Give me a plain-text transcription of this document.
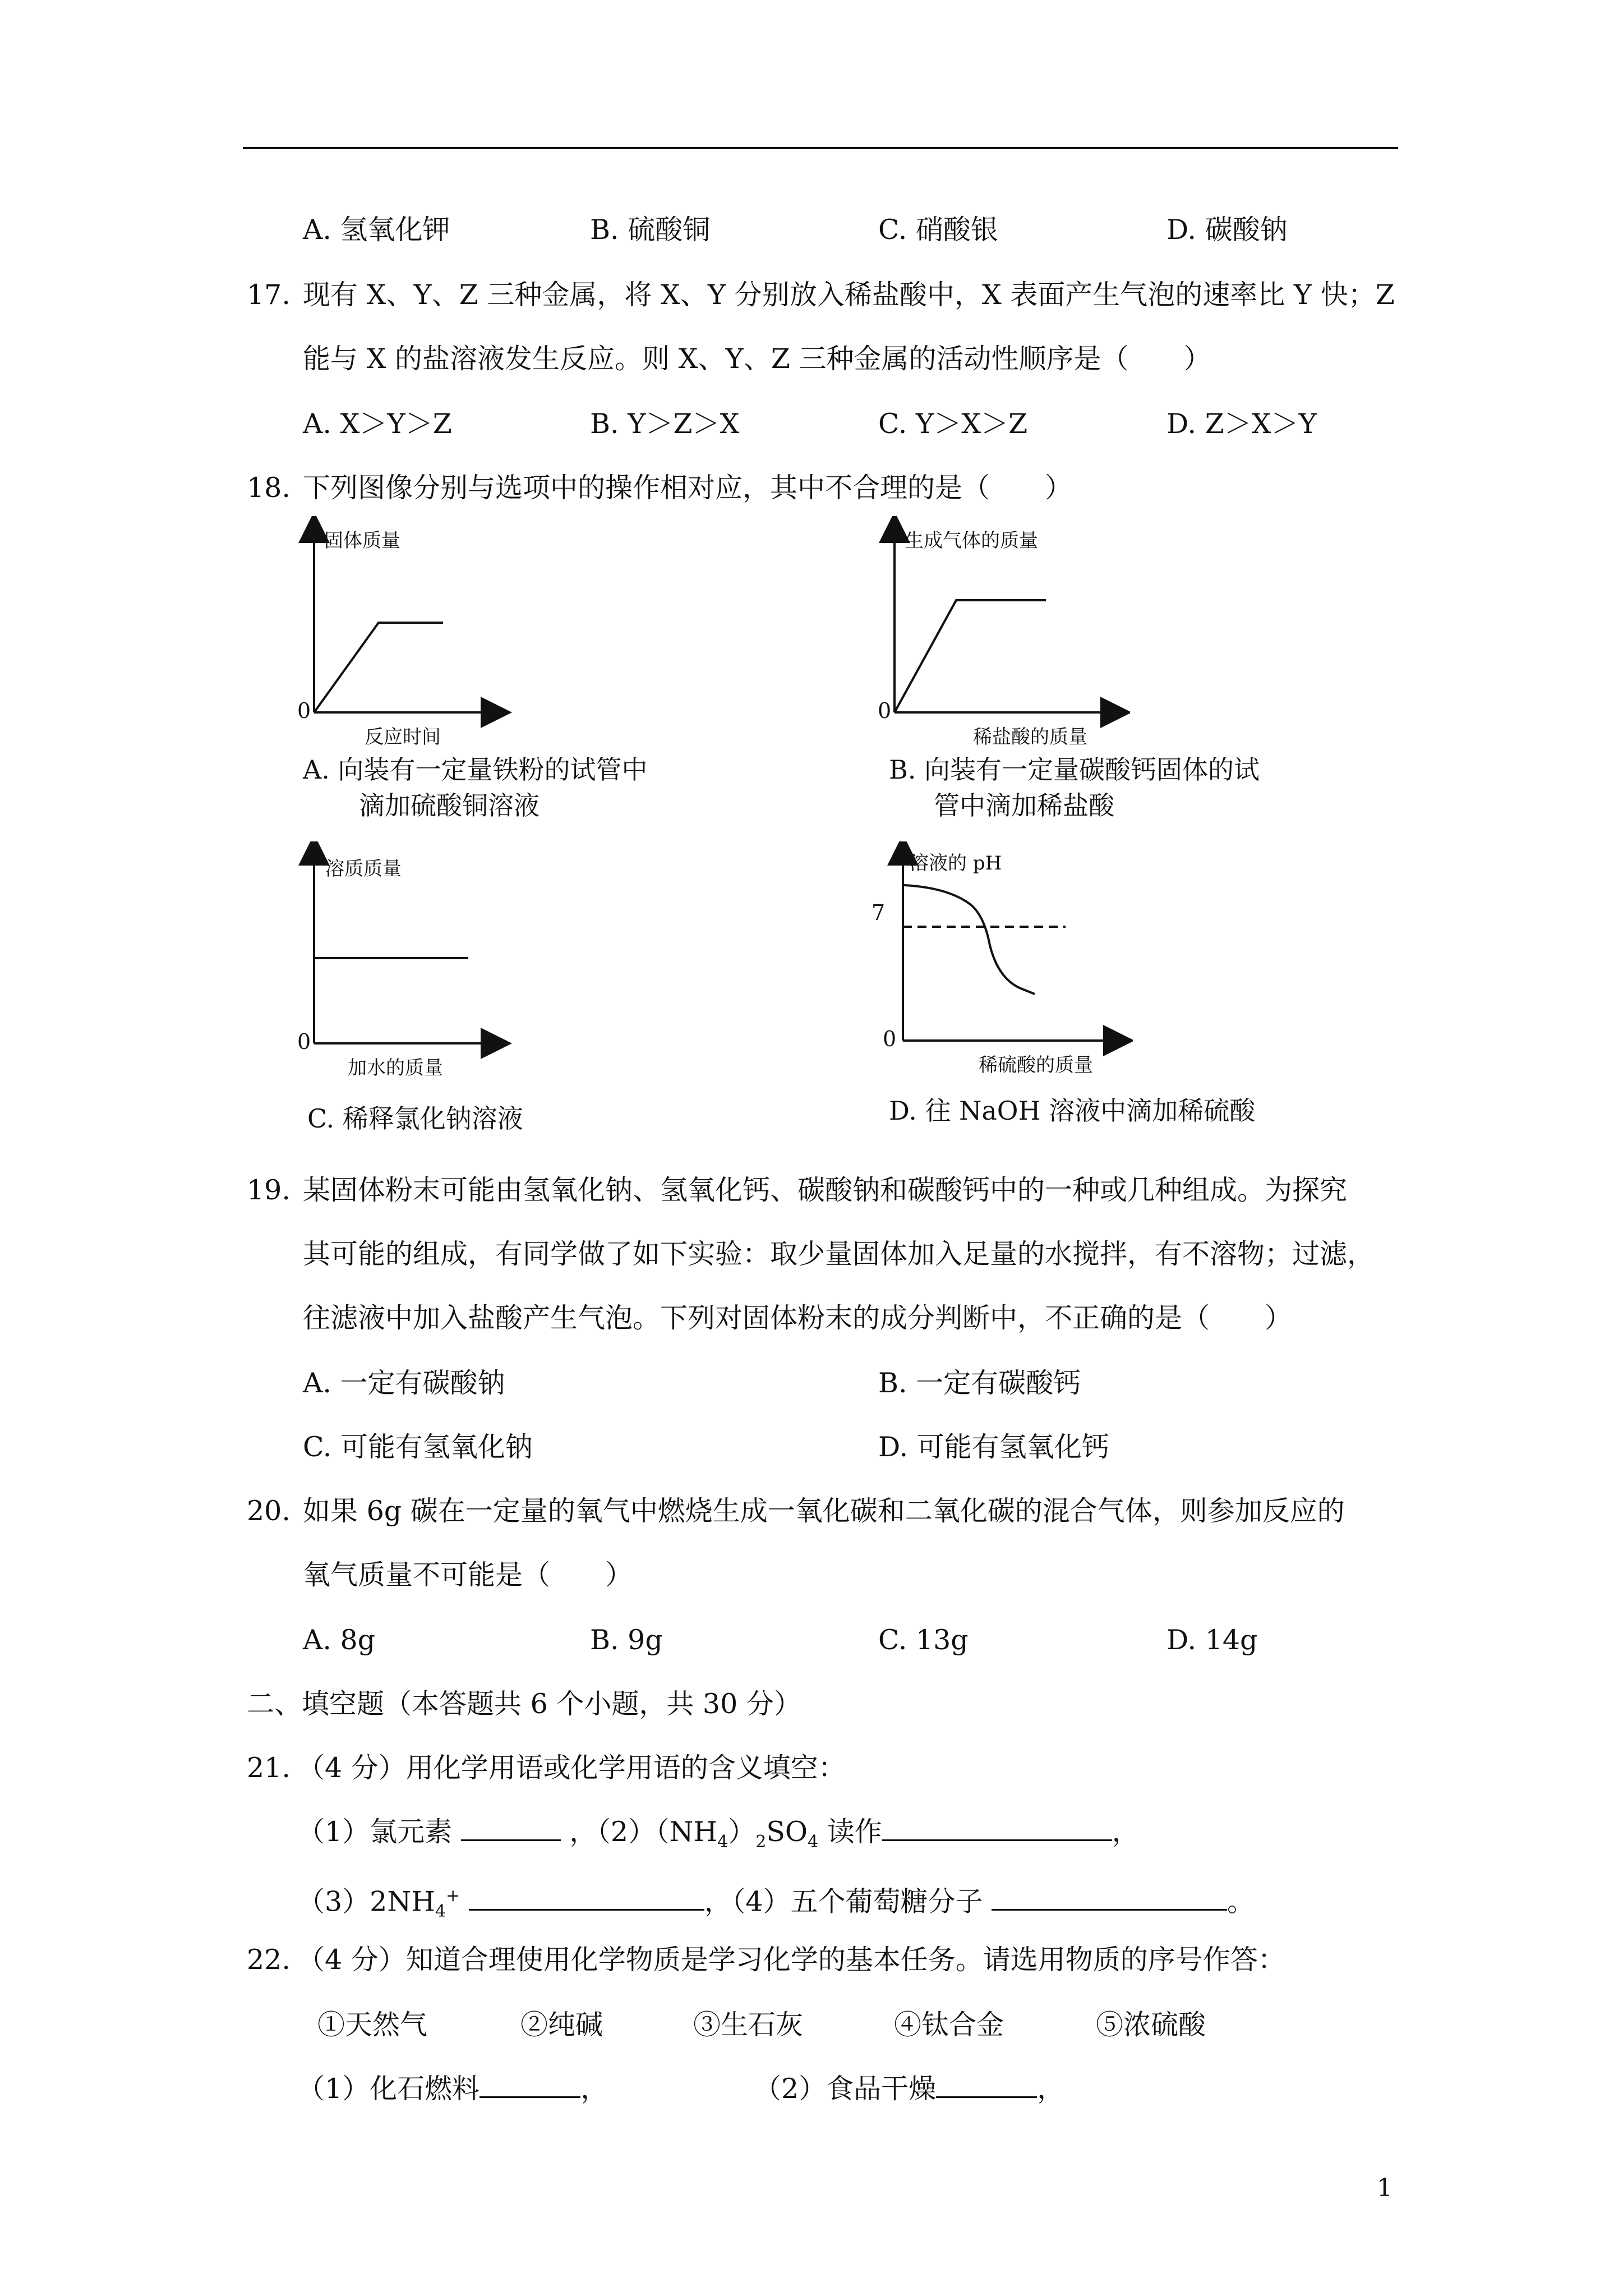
A. 氢氧化钾	B. 硫酸铜	C. 硝酸银	D. 碳酸钠
17. 现有 X、Y、Z 三种金属，将 X、Y 分别放入稀盐酸中，X 表面产生气泡的速率比 Y 快；Z
能与 X 的盐溶液发生反应。则 X、Y、Z 三种金属的活动性顺序是（　　）
A. X＞Y＞Z	B. Y＞Z＞X	C. Y＞X＞Z	D. Z＞X＞Y
18. 下列图像分别与选项中的操作相对应，其中不合理的是（　　）
固体质量
0
反应时间
A. 向装有一定量铁粉的试管中
滴加硫酸铜溶液
生成气体的质量
0
稀盐酸的质量
B. 向装有一定量碳酸钙固体的试
管中滴加稀盐酸
溶质质量
0
加水的质量
C. 稀释氯化钠溶液
溶液的 pH
7
0
稀硫酸的质量
D. 往 NaOH 溶液中滴加稀硫酸
19. 某固体粉末可能由氢氧化钠、氢氧化钙、碳酸钠和碳酸钙中的一种或几种组成。为探究
其可能的组成，有同学做了如下实验：取少量固体加入足量的水搅拌，有不溶物；过滤，
往滤液中加入盐酸产生气泡。下列对固体粉末的成分判断中，不正确的是（　　）
A. 一定有碳酸钠	B. 一定有碳酸钙
C. 可能有氢氧化钠	D. 可能有氢氧化钙
20. 如果 6g 碳在一定量的氧气中燃烧生成一氧化碳和二氧化碳的混合气体，则参加反应的
氧气质量不可能是（　　）
A. 8g	B. 9g	C. 13g	D. 14g
二、填空题（本答题共 6 个小题，共 30 分）
21. （4 分）用化学用语或化学用语的含义填空：
（1）氯元素	，$(2)(NH_4)_2SO_4$ 读作	，
$(3)2NH_4^+$	，（4）五个葡萄糖分子	。
22. （4 分）知道合理使用化学物质是学习化学的基本任务。请选用物质的序号作答：
①天然气	②纯碱	③生石灰	④钛合金	⑤浓硫酸
（1）化石燃料	，	（2）食品干燥	，
1
